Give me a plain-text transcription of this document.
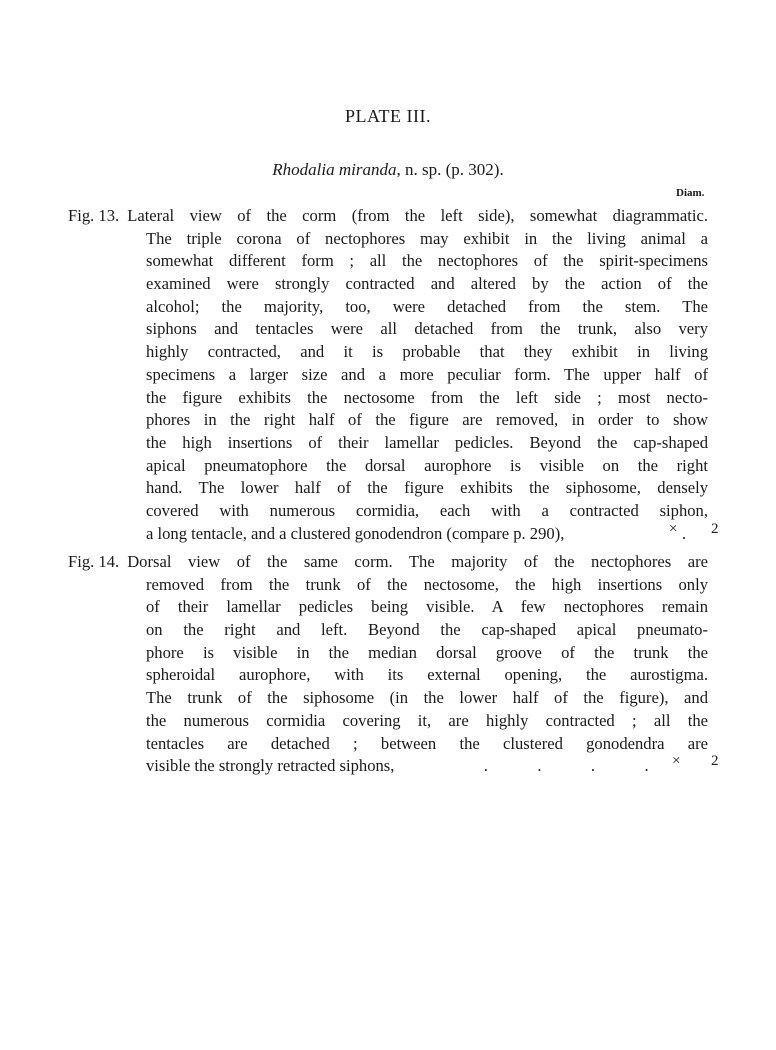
PLATE III.
Rhodalia miranda, n. sp. (p. 302).
Diam.
Fig. 13. Lateral view of the corm (from the left side), somewhat diagrammatic.
The triple corona of nectophores may exhibit in the living animal a
somewhat different form ; all the nectophores of the spirit-specimens
examined were strongly contracted and altered by the action of the
alcohol; the majority, too, were detached from the stem. The
siphons and tentacles were all detached from the trunk, also very
highly contracted, and it is probable that they exhibit in living
specimens a larger size and a more peculiar form. The upper half of
the figure exhibits the nectosome from the left side ; most necto-
phores in the right half of the figure are removed, in order to show
the high insertions of their lamellar pedicles. Beyond the cap-shaped
apical pneumatophore the dorsal aurophore is visible on the right
hand. The lower half of the figure exhibits the siphosome, densely
covered with numerous cormidia, each with a contracted siphon,
a long tentacle, and a clustered gonodendron (compare p. 290),	.
× 2
Fig. 14. Dorsal view of the same corm. The majority of the nectophores are
removed from the trunk of the nectosome, the high insertions only
of their lamellar pedicles being visible. A few nectophores remain
on the right and left. Beyond the cap-shaped apical pneumato-
phore is visible in the median dorsal groove of the trunk the
spheroidal aurophore, with its external opening, the aurostigma.
The trunk of the siphosome (in the lower half of the figure), and
the numerous cormidia covering it, are highly contracted ; all the
tentacles are detached ; between the clustered gonodendra are
visible the strongly retracted siphons,	.	.	.	. × 2
